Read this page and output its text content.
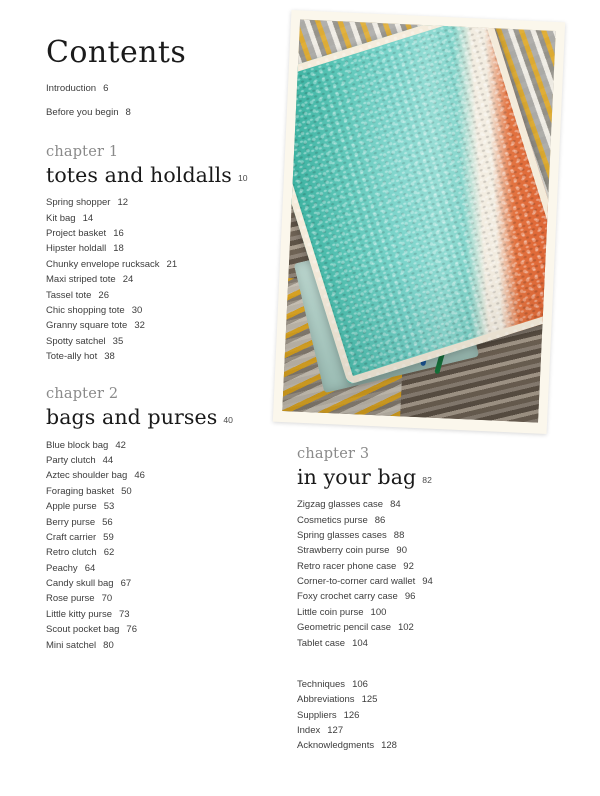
Contents
Introduction 6
Before you begin 8
chapter 1
totes and holdalls 10
Spring shopper 12
Kit bag 14
Project basket 16
Hipster holdall 18
Chunky envelope rucksack 21
Maxi striped tote 24
Tassel tote 26
Chic shopping tote 30
Granny square tote 32
Spotty satchel 35
Tote-ally hot 38
chapter 2
bags and purses 40
Blue block bag 42
Party clutch 44
Aztec shoulder bag 46
Foraging basket 50
Apple purse 53
Berry purse 56
Craft carrier 59
Retro clutch 62
Peachy 64
Candy skull bag 67
Rose purse 70
Little kitty purse 73
Scout pocket bag 76
Mini satchel 80
chapter 3
in your bag 82
Zigzag glasses case 84
Cosmetics purse 86
Spring glasses cases 88
Strawberry coin purse 90
Retro racer phone case 92
Corner-to-corner card wallet 94
Foxy crochet carry case 96
Little coin purse 100
Geometric pencil case 102
Tablet case 104
Techniques 106
Abbreviations 125
Suppliers 126
Index 127
Acknowledgments 128
